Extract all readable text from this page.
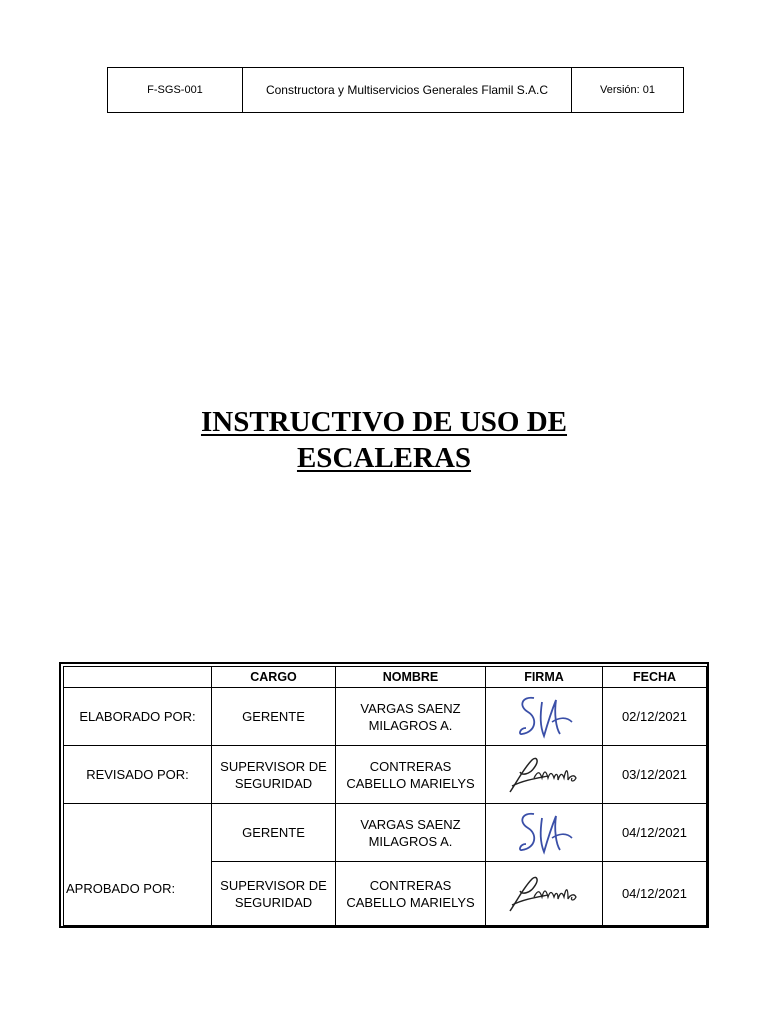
F-SGS-001	Constructora y Multiservicios Generales Flamil S.A.C	Versión: 01
INSTRUCTIVO DE USO DE
ESCALERAS
	CARGO	NOMBRE	FIRMA	FECHA
ELABORADO POR:	GERENTE	VARGAS SAENZ MILAGROS A.		02/12/2021
REVISADO POR:	SUPERVISOR DE SEGURIDAD	CONTRERAS CABELLO MARIELYS		03/12/2021
APROBADO POR:	GERENTE	VARGAS SAENZ MILAGROS A.		04/12/2021
	SUPERVISOR DE SEGURIDAD	CONTRERAS CABELLO MARIELYS		04/12/2021
